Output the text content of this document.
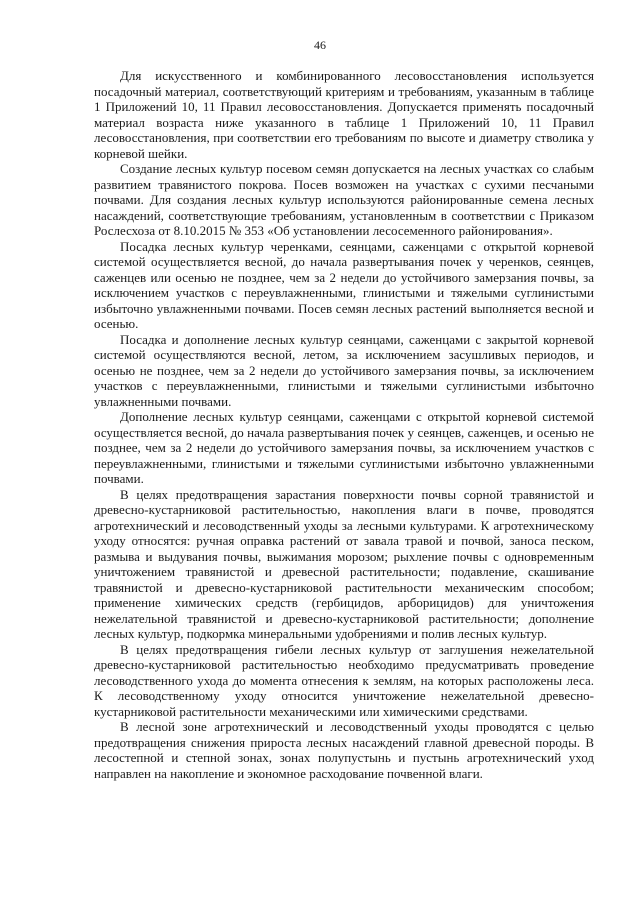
46

Для искусственного и комбинированного лесовосстановления используется посадочный материал, соответствующий критериям и требованиям, указанным в таблице 1 Приложений 10, 11 Правил лесовосстановления. Допускается применять посадочный материал возраста ниже указанного в таблице 1 Приложений 10, 11 Правил лесовосстановления, при соответствии его требованиям по высоте и диаметру стволика у корневой шейки.

Создание лесных культур посевом семян допускается на лесных участках со слабым развитием травянистого покрова. Посев возможен на участках с сухими песчаными почвами. Для создания лесных культур используются районированные семена лесных насаждений, соответствующие требованиям, установленным в соответствии с Приказом Рослесхоза от 8.10.2015 № 353 «Об установлении лесосеменного районирования».

Посадка лесных культур черенками, сеянцами, саженцами с открытой корневой системой осуществляется весной, до начала развертывания почек у черенков, сеянцев, саженцев или осенью не позднее, чем за 2 недели до устойчивого замерзания почвы, за исключением участков с переувлажненными, глинистыми и тяжелыми суглинистыми избыточно увлажненными почвами. Посев семян лесных растений выполняется весной и осенью.

Посадка и дополнение лесных культур сеянцами, саженцами с закрытой корневой системой осуществляются весной, летом, за исключением засушливых периодов, и осенью не позднее, чем за 2 недели до устойчивого замерзания почвы, за исключением участков с переувлажненными, глинистыми и тяжелыми суглинистыми избыточно увлажненными почвами.

Дополнение лесных культур сеянцами, саженцами с открытой корневой системой осуществляется весной, до начала развертывания почек у сеянцев, саженцев, и осенью не позднее, чем за 2 недели до устойчивого замерзания почвы, за исключением участков с переувлажненными, глинистыми и тяжелыми суглинистыми избыточно увлажненными почвами.

В целях предотвращения зарастания поверхности почвы сорной травянистой и древесно-кустарниковой растительностью, накопления влаги в почве, проводятся агротехнический и лесоводственный уходы за лесными культурами. К агротехническому уходу относятся: ручная оправка растений от завала травой и почвой, заноса песком, размыва и выдувания почвы, выжимания морозом; рыхление почвы с одновременным уничтожением травянистой и древесной растительности; подавление, скашивание травянистой и древесно-кустарниковой растительности механическим способом; применение химических средств (гербицидов, арборицидов) для уничтожения нежелательной травянистой и древесно-кустарниковой растительности; дополнение лесных культур, подкормка минеральными удобрениями и полив лесных культур.

В целях предотвращения гибели лесных культур от заглушения нежелательной древесно-кустарниковой растительностью необходимо предусматривать проведение лесоводственного ухода до момента отнесения к землям, на которых расположены леса. К лесоводственному уходу относится уничтожение нежелательной древесно-кустарниковой растительности механическими или химическими средствами.

В лесной зоне агротехнический и лесоводственный уходы проводятся с целью предотвращения снижения прироста лесных насаждений главной древесной породы. В лесостепной и степной зонах, зонах полупустынь и пустынь агротехнический уход направлен на накопление и экономное расходование почвенной влаги.
